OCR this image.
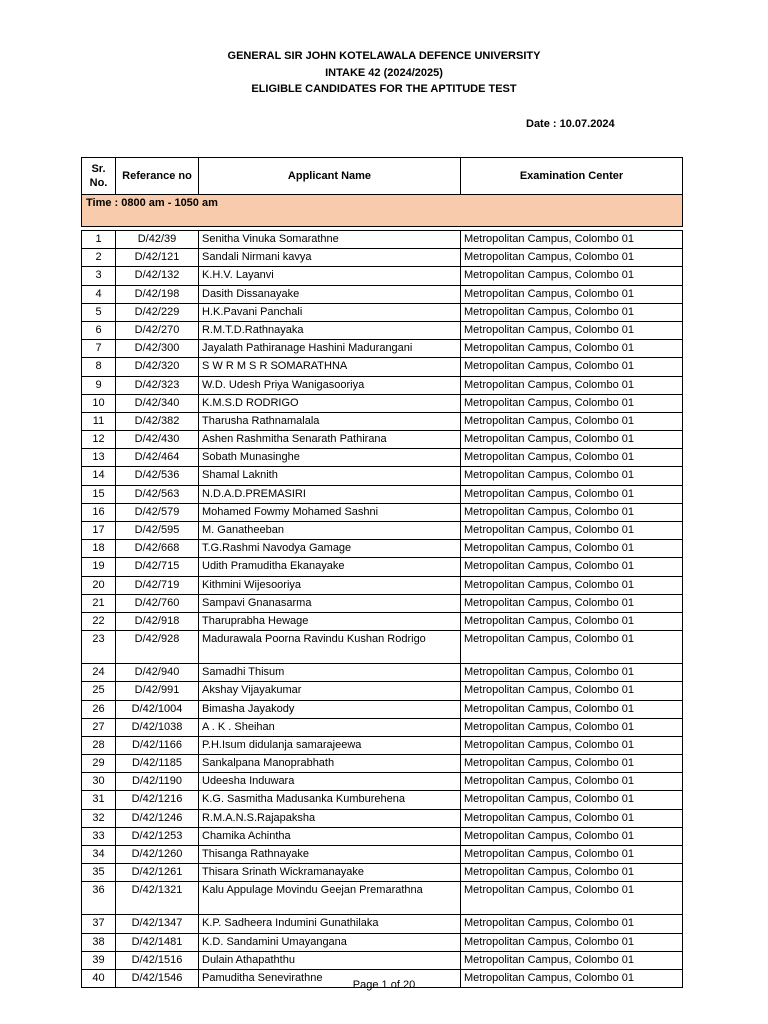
GENERAL SIR JOHN KOTELAWALA DEFENCE UNIVERSITY
INTAKE 42 (2024/2025)
ELIGIBLE CANDIDATES FOR THE APTITUDE TEST
Date : 10.07.2024
Sr.
No.	Referance no	Applicant Name	Examination Center
Time : 0800 am - 1050 am			

1	D/42/39	Senitha Vinuka Somarathne	Metropolitan Campus, Colombo 01
2	D/42/121	Sandali Nirmani kavya	Metropolitan Campus, Colombo 01
3	D/42/132	K.H.V. Layanvi	Metropolitan Campus, Colombo 01
4	D/42/198	Dasith Dissanayake	Metropolitan Campus, Colombo 01
5	D/42/229	H.K.Pavani Panchali	Metropolitan Campus, Colombo 01
6	D/42/270	R.M.T.D.Rathnayaka	Metropolitan Campus, Colombo 01
7	D/42/300	Jayalath Pathiranage Hashini Madurangani	Metropolitan Campus, Colombo 01
8	D/42/320	S W R M S R SOMARATHNA	Metropolitan Campus, Colombo 01
9	D/42/323	W.D. Udesh Priya Wanigasooriya	Metropolitan Campus, Colombo 01
10	D/42/340	K.M.S.D RODRIGO	Metropolitan Campus, Colombo 01
11	D/42/382	Tharusha Rathnamalala	Metropolitan Campus, Colombo 01
12	D/42/430	Ashen Rashmitha Senarath Pathirana	Metropolitan Campus, Colombo 01
13	D/42/464	Sobath Munasinghe	Metropolitan Campus, Colombo 01
14	D/42/536	Shamal Laknith	Metropolitan Campus, Colombo 01
15	D/42/563	N.D.A.D.PREMASIRI	Metropolitan Campus, Colombo 01
16	D/42/579	Mohamed Fowmy Mohamed Sashni	Metropolitan Campus, Colombo 01
17	D/42/595	M. Ganatheeban	Metropolitan Campus, Colombo 01
18	D/42/668	T.G.Rashmi Navodya Gamage	Metropolitan Campus, Colombo 01
19	D/42/715	Udith Pramuditha Ekanayake	Metropolitan Campus, Colombo 01
20	D/42/719	Kithmini Wijesooriya	Metropolitan Campus, Colombo 01
21	D/42/760	Sampavi Gnanasarma	Metropolitan Campus, Colombo 01
22	D/42/918	Tharuprabha Hewage	Metropolitan Campus, Colombo 01
23	D/42/928	Madurawala Poorna Ravindu Kushan Rodrigo	Metropolitan Campus, Colombo 01
24	D/42/940	Samadhi Thisum	Metropolitan Campus, Colombo 01
25	D/42/991	Akshay Vijayakumar	Metropolitan Campus, Colombo 01
26	D/42/1004	Bimasha Jayakody	Metropolitan Campus, Colombo 01
27	D/42/1038	A . K . Sheihan	Metropolitan Campus, Colombo 01
28	D/42/1166	P.H.Isum didulanja samarajeewa	Metropolitan Campus, Colombo 01
29	D/42/1185	Sankalpana Manoprabhath	Metropolitan Campus, Colombo 01
30	D/42/1190	Udeesha Induwara	Metropolitan Campus, Colombo 01
31	D/42/1216	K.G. Sasmitha Madusanka Kumburehena	Metropolitan Campus, Colombo 01
32	D/42/1246	R.M.A.N.S.Rajapaksha	Metropolitan Campus, Colombo 01
33	D/42/1253	Chamika Achintha	Metropolitan Campus, Colombo 01
34	D/42/1260	Thisanga Rathnayake	Metropolitan Campus, Colombo 01
35	D/42/1261	Thisara Srinath Wickramanayake	Metropolitan Campus, Colombo 01
36	D/42/1321	Kalu Appulage Movindu Geejan Premarathna	Metropolitan Campus, Colombo 01
37	D/42/1347	K.P. Sadheera Indumini Gunathilaka	Metropolitan Campus, Colombo 01
38	D/42/1481	K.D. Sandamini Umayangana	Metropolitan Campus, Colombo 01
39	D/42/1516	Dulain Athapaththu	Metropolitan Campus, Colombo 01
40	D/42/1546	Pamuditha Senevirathne	Metropolitan Campus, Colombo 01
Page 1 of 20
